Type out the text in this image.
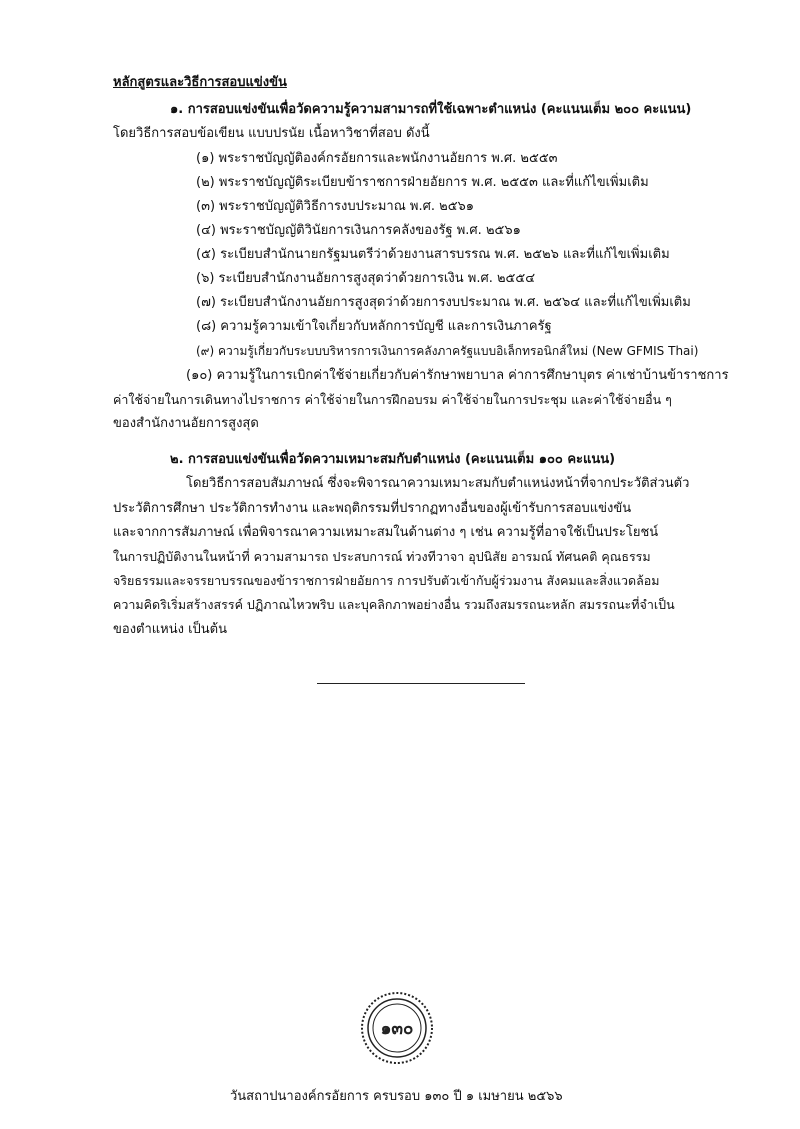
หลักสูตรและวิธีการสอบแข่งขัน
๑. การสอบแข่งขันเพื่อวัดความรู้ความสามารถที่ใช้เฉพาะตำแหน่ง (คะแนนเต็ม ๒๐๐ คะแนน)
โดยวิธีการสอบข้อเขียน แบบปรนัย เนื้อหาวิชาที่สอบ ดังนี้
(๑) พระราชบัญญัติองค์กรอัยการและพนักงานอัยการ พ.ศ. ๒๕๕๓
(๒) พระราชบัญญัติระเบียบข้าราชการฝ่ายอัยการ พ.ศ. ๒๕๕๓ และที่แก้ไขเพิ่มเติม
(๓) พระราชบัญญัติวิธีการงบประมาณ พ.ศ. ๒๕๖๑
(๔) พระราชบัญญัติวินัยการเงินการคลังของรัฐ พ.ศ. ๒๕๖๑
(๕) ระเบียบสำนักนายกรัฐมนตรีว่าด้วยงานสารบรรณ พ.ศ. ๒๕๒๖ และที่แก้ไขเพิ่มเติม
(๖) ระเบียบสำนักงานอัยการสูงสุดว่าด้วยการเงิน พ.ศ. ๒๕๕๔
(๗) ระเบียบสำนักงานอัยการสูงสุดว่าด้วยการงบประมาณ พ.ศ. ๒๕๖๔ และที่แก้ไขเพิ่มเติม
(๘) ความรู้ความเข้าใจเกี่ยวกับหลักการบัญชี และการเงินภาครัฐ
(๙) ความรู้เกี่ยวกับระบบบริหารการเงินการคลังภาครัฐแบบอิเล็กทรอนิกส์ใหม่ (New GFMIS Thai)
(๑๐) ความรู้ในการเบิกค่าใช้จ่ายเกี่ยวกับค่ารักษาพยาบาล ค่าการศึกษาบุตร ค่าเช่าบ้านข้าราชการ
ค่าใช้จ่ายในการเดินทางไปราชการ ค่าใช้จ่ายในการฝึกอบรม ค่าใช้จ่ายในการประชุม และค่าใช้จ่ายอื่น ๆ
ของสำนักงานอัยการสูงสุด
๒. การสอบแข่งขันเพื่อวัดความเหมาะสมกับตำแหน่ง (คะแนนเต็ม ๑๐๐ คะแนน)
โดยวิธีการสอบสัมภาษณ์ ซึ่งจะพิจารณาความเหมาะสมกับตำแหน่งหน้าที่จากประวัติส่วนตัว
ประวัติการศึกษา ประวัติการทำงาน และพฤติกรรมที่ปรากฏทางอื่นของผู้เข้ารับการสอบแข่งขัน
และจากการสัมภาษณ์ เพื่อพิจารณาความเหมาะสมในด้านต่าง ๆ เช่น ความรู้ที่อาจใช้เป็นประโยชน์
ในการปฏิบัติงานในหน้าที่ ความสามารถ ประสบการณ์ ท่วงทีวาจา อุปนิสัย อารมณ์ ทัศนคติ คุณธรรม
จริยธรรมและจรรยาบรรณของข้าราชการฝ่ายอัยการ การปรับตัวเข้ากับผู้ร่วมงาน สังคมและสิ่งแวดล้อม
ความคิดริเริ่มสร้างสรรค์ ปฏิภาณไหวพริบ และบุคลิกภาพอย่างอื่น รวมถึงสมรรถนะหลัก สมรรถนะที่จำเป็น
ของตำแหน่ง เป็นต้น
๑๓๐
วันสถาปนาองค์กรอัยการ ครบรอบ ๑๓๐ ปี ๑ เมษายน ๒๕๖๖
